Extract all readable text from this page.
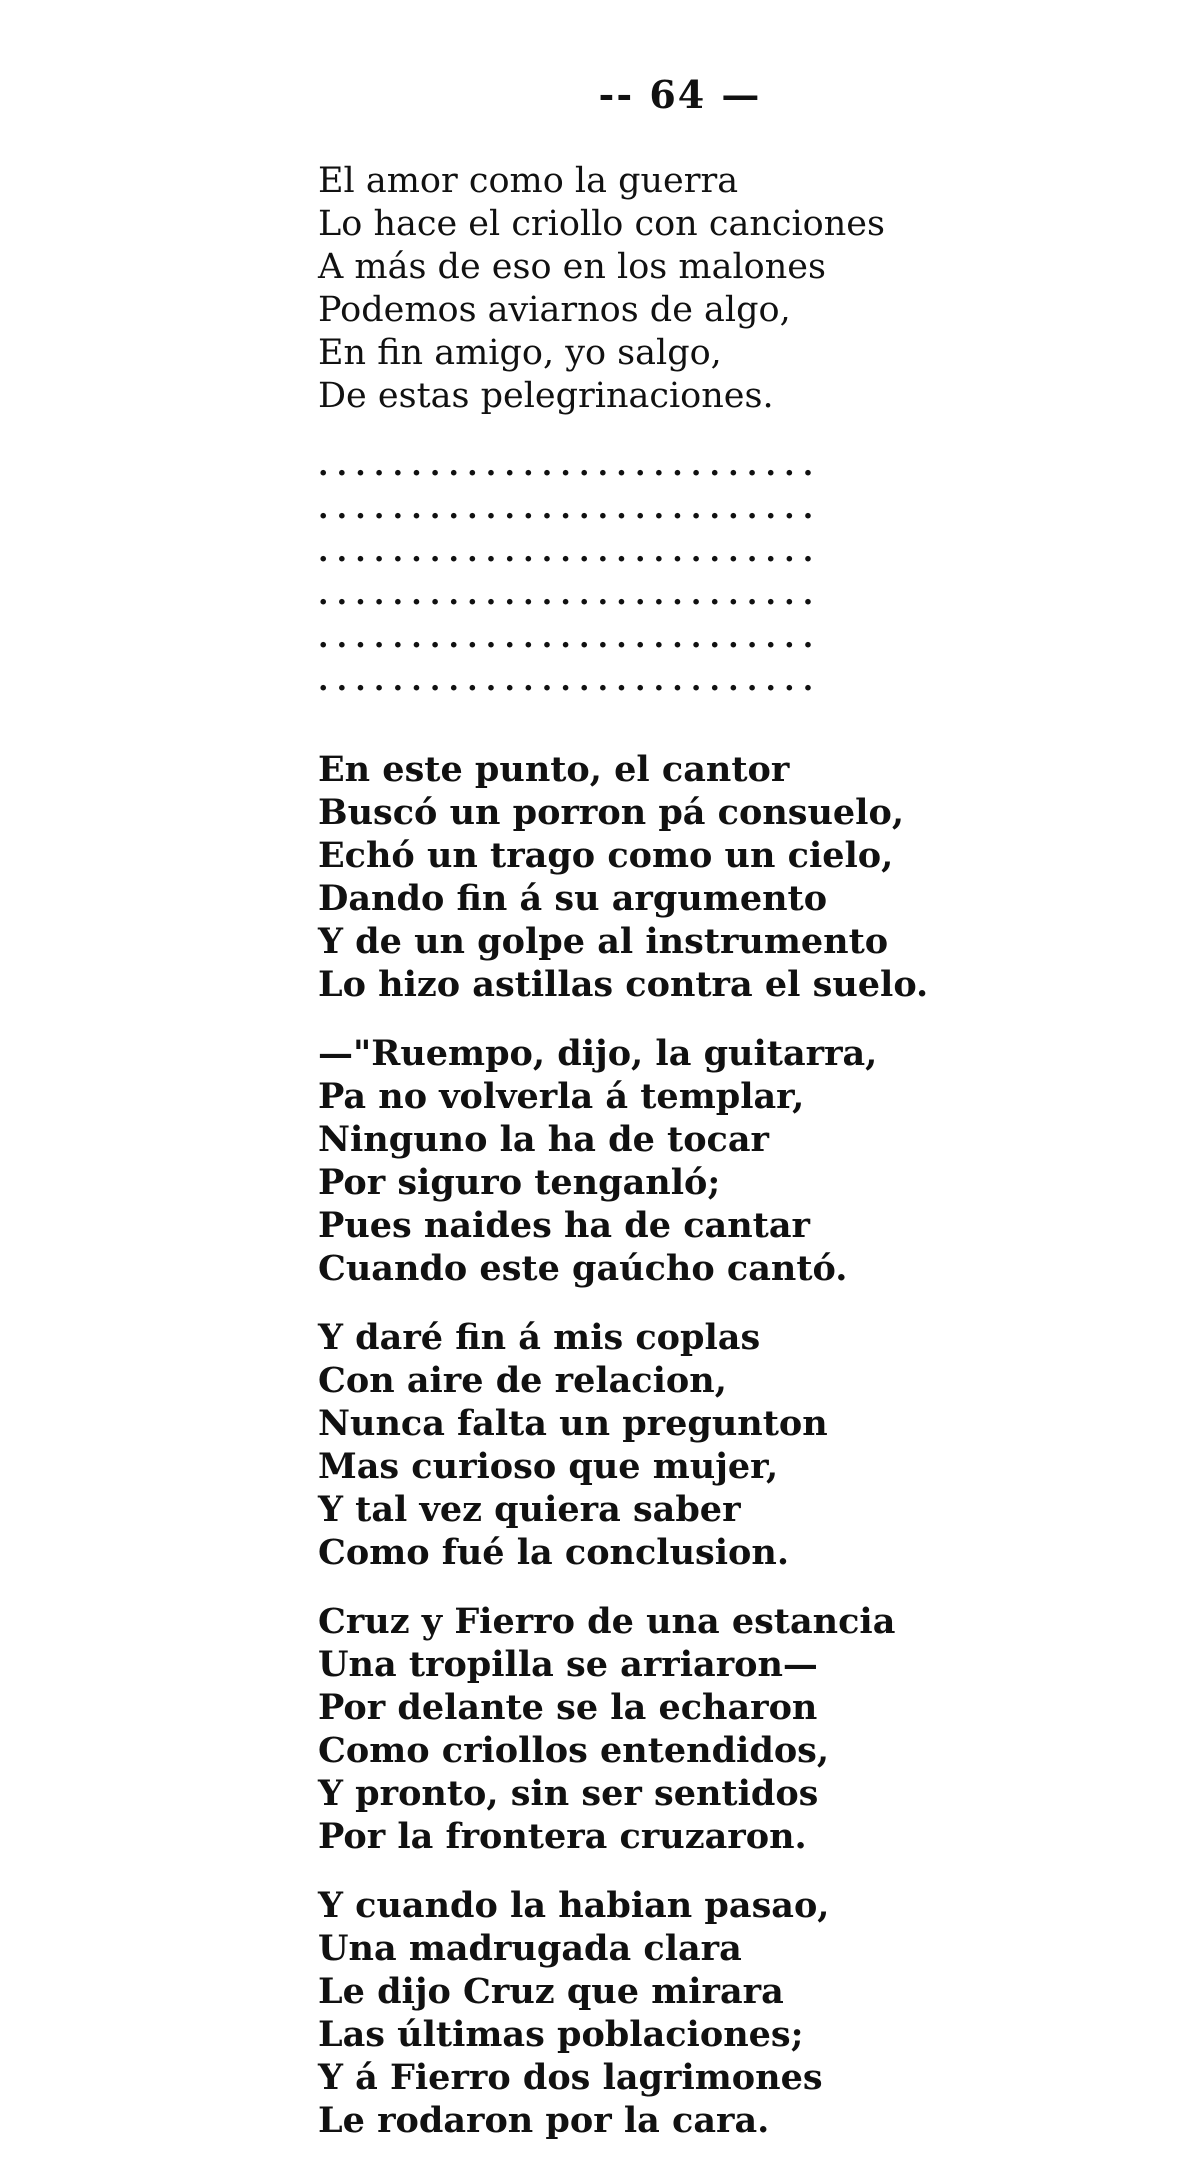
-- 64 —
El amor como la guerra
Lo hace el criollo con canciones
A más de eso en los malones
Podemos aviarnos de algo,
En fin amigo, yo salgo,
De estas pelegrinaciones.
...........................
...........................
...........................
...........................
...........................
...........................
En este punto, el cantor
Buscó un porron pá consuelo,
Echó un trago como un cielo,
Dando fin á su argumento
Y de un golpe al instrumento
Lo hizo astillas contra el suelo.
—"Ruempo, dijo, la guitarra,
Pa no volverla á templar,
Ninguno la ha de tocar
Por siguro tenganló;
Pues naides ha de cantar
Cuando este gaúcho cantó.
Y daré fin á mis coplas
Con aire de relacion,
Nunca falta un pregunton
Mas curioso que mujer,
Y tal vez quiera saber
Como fué la conclusion.
Cruz y Fierro de una estancia
Una tropilla se arriaron—
Por delante se la echaron
Como criollos entendidos,
Y pronto, sin ser sentidos
Por la frontera cruzaron.
Y cuando la habian pasao,
Una madrugada clara
Le dijo Cruz que mirara
Las últimas poblaciones;
Y á Fierro dos lagrimones
Le rodaron por la cara.
